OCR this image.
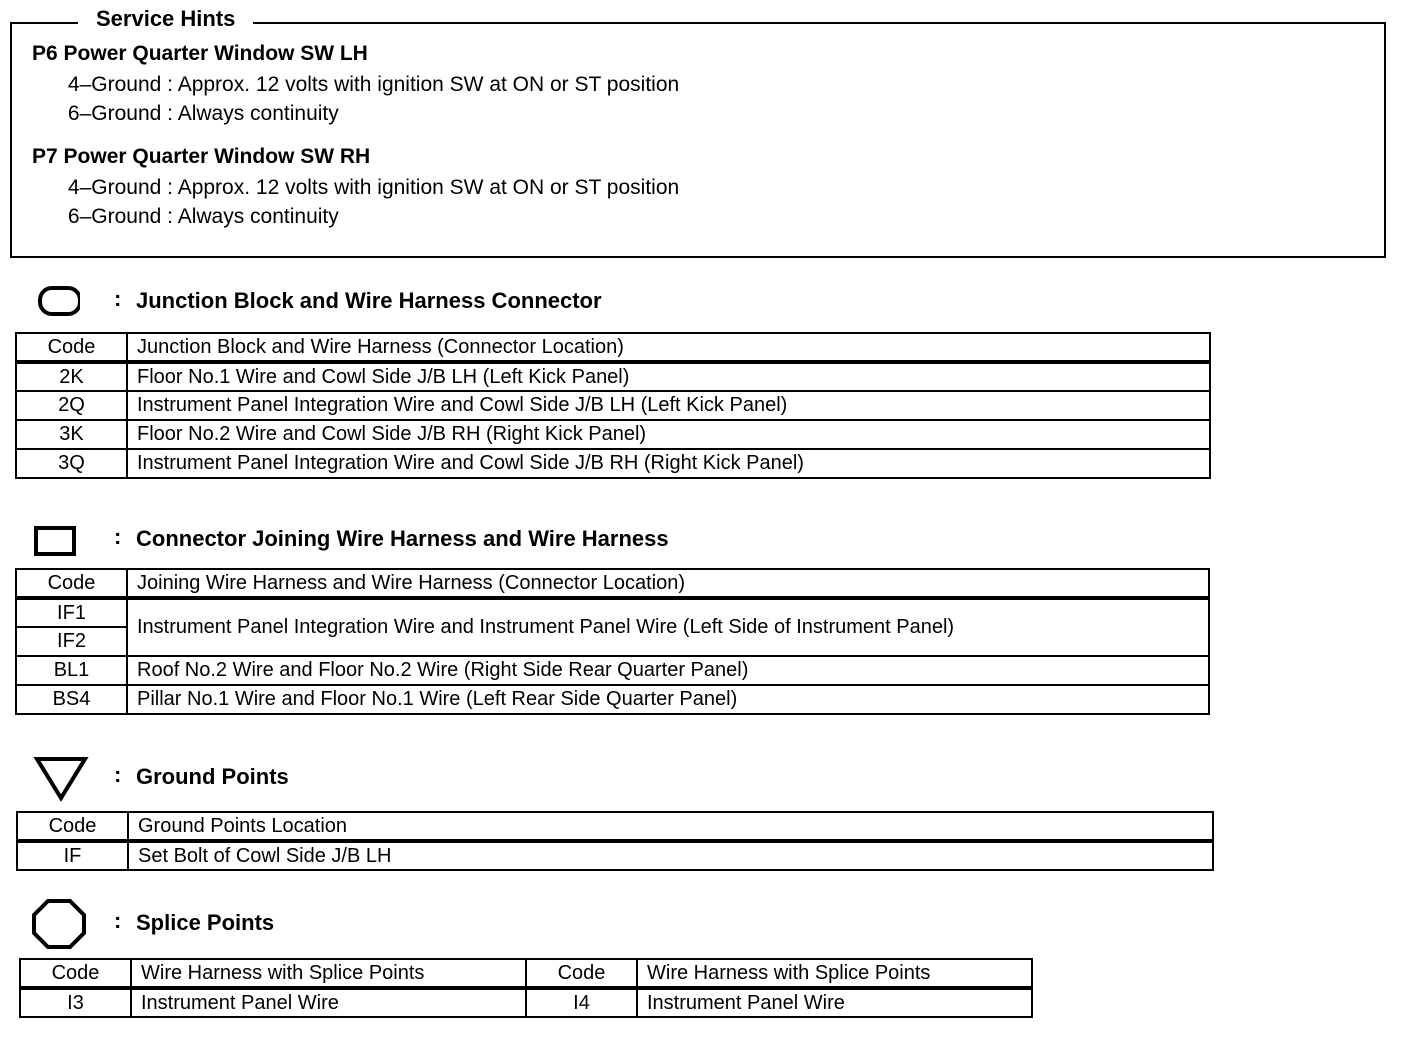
Service Hints
P6 Power Quarter Window SW LH
4–Ground : Approx. 12 volts with ignition SW at ON or ST position
6–Ground : Always continuity
P7 Power Quarter Window SW RH
4–Ground : Approx. 12 volts with ignition SW at ON or ST position
6–Ground : Always continuity
: Junction Block and Wire Harness Connector
Code	Junction Block and Wire Harness (Connector Location)
2K	Floor No.1 Wire and Cowl Side J/B LH (Left Kick Panel)
2Q	Instrument Panel Integration Wire and Cowl Side J/B LH (Left Kick Panel)
3K	Floor No.2 Wire and Cowl Side J/B RH (Right Kick Panel)
3Q	Instrument Panel Integration Wire and Cowl Side J/B RH (Right Kick Panel)
: Connector Joining Wire Harness and Wire Harness
Code	Joining Wire Harness and Wire Harness (Connector Location)
IF1	Instrument Panel Integration Wire and Instrument Panel Wire (Left Side of Instrument Panel)
IF2	
BL1	Roof No.2 Wire and Floor No.2 Wire (Right Side Rear Quarter Panel)
BS4	Pillar No.1 Wire and Floor No.1 Wire (Left Rear Side Quarter Panel)
: Ground Points
Code	Ground Points Location
IF	Set Bolt of Cowl Side J/B LH
: Splice Points
Code	Wire Harness with Splice Points	Code	Wire Harness with Splice Points
I3	Instrument Panel Wire	I4	Instrument Panel Wire
